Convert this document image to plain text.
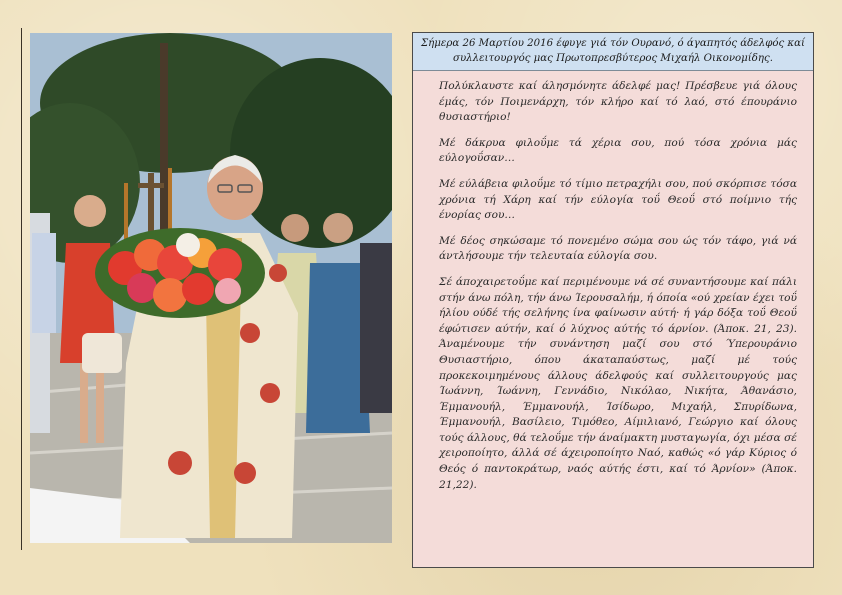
Σήμερα 26 Μαρτίου 2016 έφυγε γιά τόν Ουρανό, ό άγαπητός άδελφός καί συλλειτουργός μας Πρωτοπρεσβύτερος Μιχαήλ Οικονομίδης.

Πολύκλαυστε καί άλησμόνητε άδελφέ μας! Πρέσβευε γιά όλους έμάς, τόν Ποιμενάρχη, τόν κλήρο καί τό λαό, στό έπουράνιο θυσιαστήριο!

Μέ δάκρυα φιλοΰμε τά χέρια σου, πού τόσα χρόνια μάς εύλογοΰσαν…

Μέ εύλάβεια φιλοΰμε τό τίμιο πετραχήλι σου, πού σκόρπισε τόσα χρόνια τή Χάρη καί τήν εύλογία τοΰ Θεοΰ στό ποίμνιο τής ένορίας σου…

Μέ δέος σηκώσαμε τό πονεμένο σώμα σου ώς τόν τάφο, γιά νά άντλήσουμε τήν τελευταία εύλογία σου.

Σέ άποχαιρετοΰμε καί περιμένουμε νά σέ συναντήσουμε καί πάλι στήν άνω πόλη, τήν άνω Ίερουσαλήμ, ή όποία «ού χρείαν έχει τοΰ ήλίου ούδέ τής σελήνης ίνα φαίνωσιν αύτή· ή γάρ δόξα τοΰ Θεοΰ έφώτισεν αύτήν, καί ό λύχνος αύτής τό άρνίον. (Άποκ. 21, 23). Άναμένουμε τήν συνάντηση μαζί σου στό Ύπερουράνιο Θυσιαστήριο, όπου άκαταπαύστως, μαζί μέ τούς προκεκοιμημένους άλλους άδελφούς καί συλλειτουργούς μας Ίωάννη, Ίωάννη, Γεννάδιο, Νικόλαο, Νικήτα, Άθανάσιο, Έμμανουήλ, Έμμανουήλ, Ίσίδωρο, Μιχαήλ, Σπυρίδωνα, Έμμανουήλ, Βασίλειο, Τιμόθεο, Αίμιλιανό, Γεώργιο καί όλους τούς άλλους, θά τελοΰμε τήν άναίμακτη μυσταγωγία, όχι μέσα σέ χειροποίητο, άλλά σέ άχειροποίητο Ναό, καθώς «ό γάρ Κύριος ό Θεός ό παντοκράτωρ, ναός αύτής έστι, καί τό Άρνίον» (Άποκ. 21,22).
